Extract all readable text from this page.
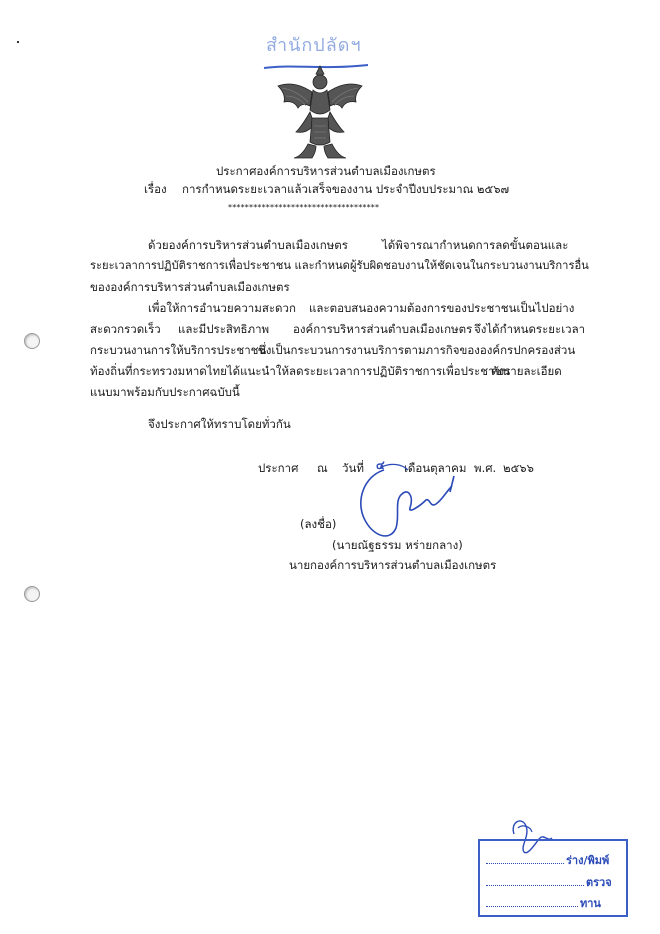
สำนักปลัดฯ
ประกาศองค์การบริหารส่วนตำบลเมืองเกษตร
เรื่อง การกำหนดระยะเวลาแล้วเสร็จของงาน ประจำปีงบประมาณ ๒๕๖๗
************************************
ด้วยองค์การบริหารส่วนตำบลเมืองเกษตร	ได้พิจารณากำหนดการลดขั้นตอนและ
ระยะเวลาการปฏิบัติราชการเพื่อประชาชน และกำหนดผู้รับผิดชอบงานให้ชัดเจนในกระบวนงานบริการอื่น
ขององค์การบริหารส่วนตำบลเมืองเกษตร
เพื่อให้การอำนวยความสะดวก และตอบสนองความต้องการของประชาชนเป็นไปอย่าง
สะดวกรวดเร็ว และมีประสิทธิภาพ องค์การบริหารส่วนตำบลเมืองเกษตร จึงได้กำหนดระยะเวลา
กระบวนงานการให้บริการประชาชน
ซึ่งเป็นกระบวนการงานบริการตามภารกิจขององค์กรปกครองส่วน
ท้องถิ่นที่กระทรวงมหาดไทยได้แนะนำให้ลดระยะเวลาการปฏิบัติราชการเพื่อประชาชน
ดังรายละเอียด
แนบมาพร้อมกับประกาศฉบับนี้
จึงประกาศให้ทราบโดยทั่วกัน
ประกาศ ณ วันที่ ๔ เดือนตุลาคม พ.ศ. ๒๕๖๖
(ลงชื่อ)
(นายณัฐธรรม หร่ายกลาง)
นายกองค์การบริหารส่วนตำบลเมืองเกษตร
ร่าง/พิมพ์
ตรวจ
ทาน
